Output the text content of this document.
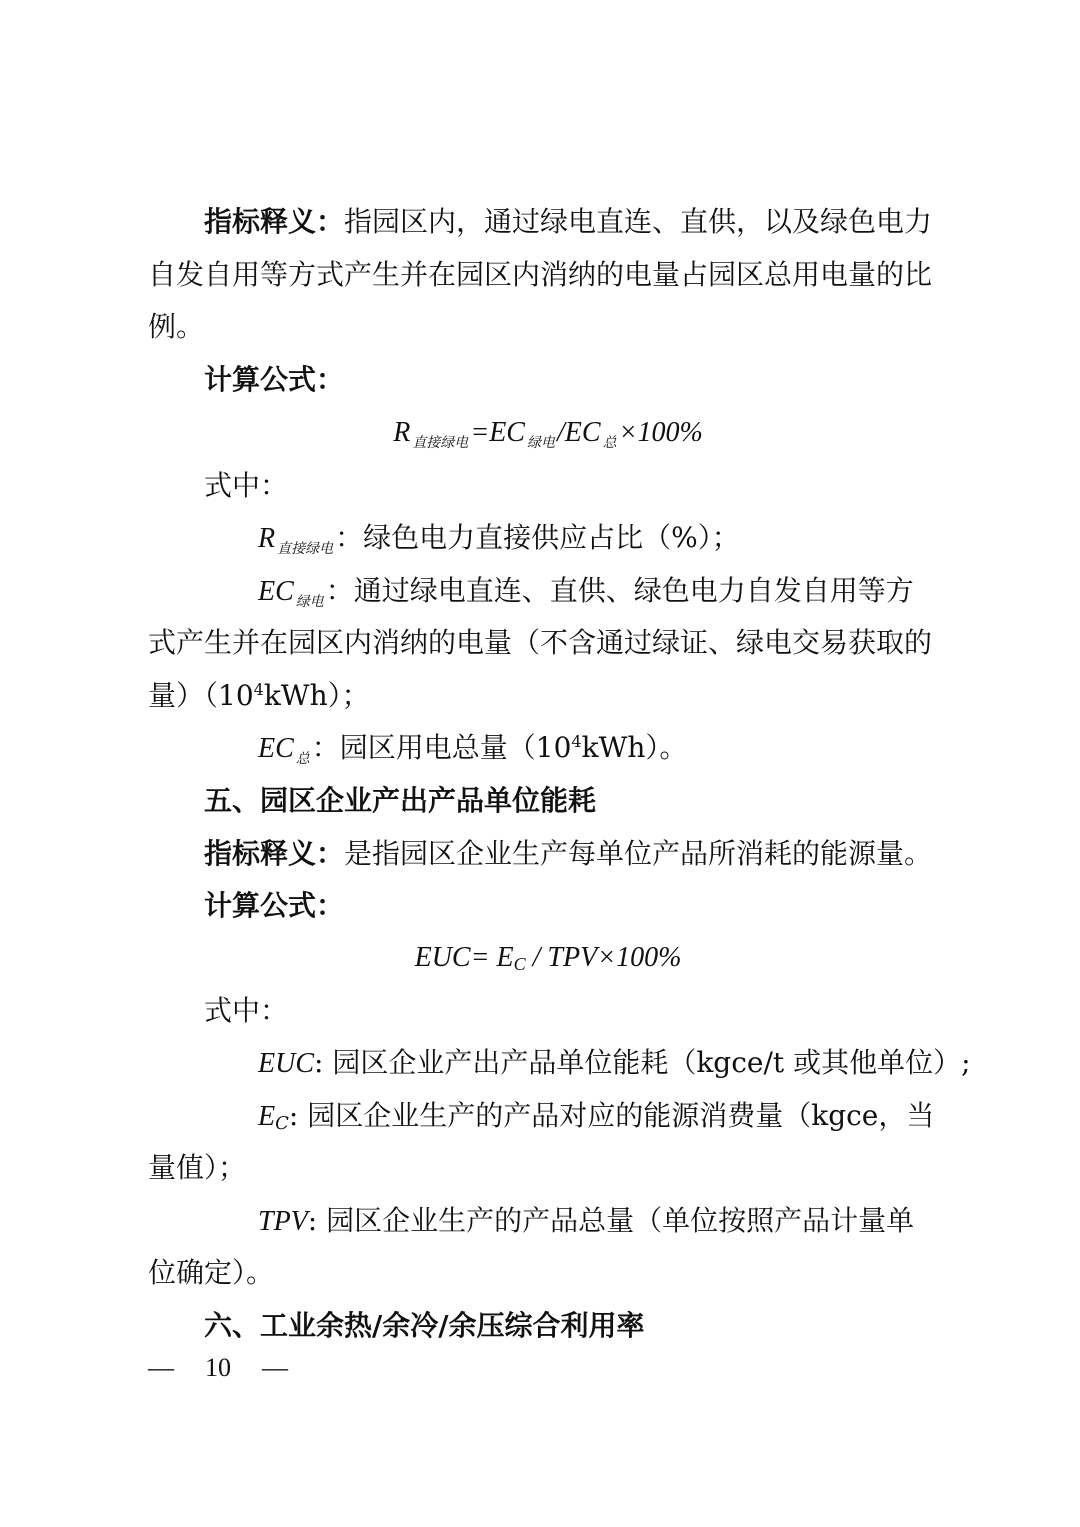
指标释义：指园区内，通过绿电直连、直供，以及绿色电力
自发自用等方式产生并在园区内消纳的电量占园区总用电量的比
例。
计算公式：
R $_{直接绿电}$=EC $_{绿电}$/EC $_总$×100%
式中：
R $_{直接绿电}$：绿色电力直接供应占比（%）；
EC $_{绿电}$：通过绿电直连、直供、绿色电力自发自用等方
式产生并在园区内消纳的电量（不含通过绿证、绿电交易获取的
量）$(10^4kWh)$；
EC $_总$：园区用电总量$(10^4kWh)$。
五、园区企业产出产品单位能耗
指标释义：是指园区企业生产每单位产品所消耗的能源量。
计算公式：
EUC= EC / TPV×100%
式中：
EUC: 园区企业产出产品单位能耗（kgce/t 或其他单位）;
EC: 园区企业生产的产品对应的能源消费量（kgce，当
量值）；
TPV: 园区企业生产的产品总量（单位按照产品计量单
位确定）。
六、工业余热/余冷/余压综合利用率
— 10 —
